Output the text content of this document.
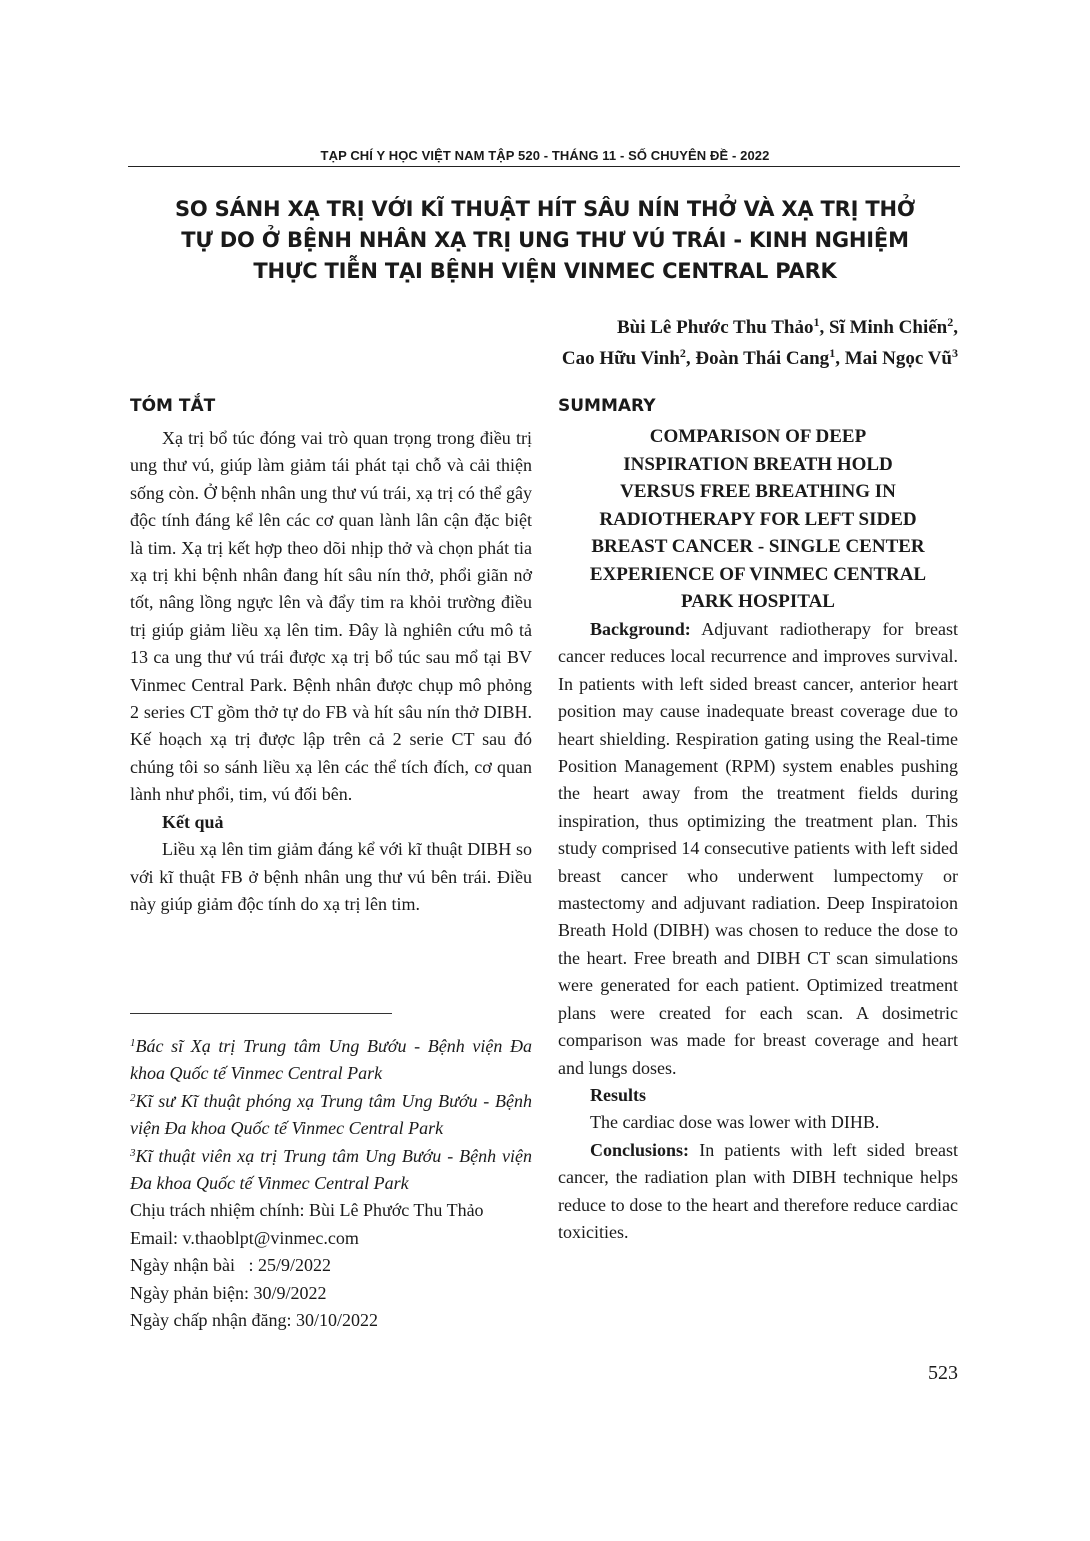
TẠP CHÍ Y HỌC VIỆT NAM TẬP 520 - THÁNG 11 - SỐ CHUYÊN ĐỀ - 2022
SO SÁNH XẠ TRỊ VỚI KĨ THUẬT HÍT SÂU NÍN THỞ VÀ XẠ TRỊ THỞ
TỰ DO Ở BỆNH NHÂN XẠ TRỊ UNG THƯ VÚ TRÁI - KINH NGHIỆM
THỰC TIỄN TẠI BỆNH VIỆN VINMEC CENTRAL PARK
Bùi Lê Phước Thu Thảo$^1$, Sĩ Minh Chiến$^2$,
Cao Hữu Vinh$^2$, Đoàn Thái Cang$^1$, Mai Ngọc $Vũ^3$
TÓM TẮT

Xạ trị bổ túc đóng vai trò quan trọng trong điều trị ung thư vú, giúp làm giảm tái phát tại chỗ và cải thiện sống còn. Ở bệnh nhân ung thư vú trái, xạ trị có thể gây độc tính đáng kể lên các cơ quan lành lân cận đặc biệt là tim. Xạ trị kết hợp theo dõi nhịp thở và chọn phát tia xạ trị khi bệnh nhân đang hít sâu nín thở, phổi giãn nở tốt, nâng lồng ngực lên và đẩy tim ra khỏi trường điều trị giúp giảm liều xạ lên tim. Đây là nghiên cứu mô tả 13 ca ung thư vú trái được xạ trị bổ túc sau mổ tại BV Vinmec Central Park. Bệnh nhân được chụp mô phỏng 2 series CT gồm thở tự do FB và hít sâu nín thở DIBH. Kế hoạch xạ trị được lập trên cả 2 serie CT sau đó chúng tôi so sánh liều xạ lên các thể tích đích, cơ quan lành như phổi, tim, vú đối bên.

Kết quả

Liều xạ lên tim giảm đáng kể với kĩ thuật DIBH so với kĩ thuật FB ở bệnh nhân ung thư vú bên trái. Điều này giúp giảm độc tính do xạ trị lên tim.

$^1$Bác sĩ Xạ trị Trung tâm Ung Bướu - Bệnh viện Đa khoa Quốc tế Vinmec Central Park

$^2$Kĩ sư Kĩ thuật phóng xạ Trung tâm Ung Bướu - Bệnh viện Đa khoa Quốc tế Vinmec Central Park

$^3$Kĩ thuật viên xạ trị Trung tâm Ung Bướu - Bệnh viện Đa khoa Quốc tế Vinmec Central Park

Chịu trách nhiệm chính: Bùi Lê Phước Thu Thảo

Email: v.thaoblpt@vinmec.com

Ngày nhận bài   : 25/9/2022

Ngày phản biện: 30/9/2022

Ngày chấp nhận đăng: 30/10/2022

SUMMARY
COMPARISON OF DEEP
INSPIRATION BREATH HOLD
VERSUS FREE BREATHING IN
RADIOTHERAPY FOR LEFT SIDED
BREAST CANCER - SINGLE CENTER
EXPERIENCE OF VINMEC CENTRAL
PARK HOSPITAL

Background: Adjuvant radiotherapy for breast cancer reduces local recurrence and improves survival. In patients with left sided breast cancer, anterior heart position may cause inadequate breast coverage due to heart shielding. Respiration gating using the Real-time Position Management (RPM) system enables pushing the heart away from the treatment fields during inspiration, thus optimizing the treatment plan. This study comprised 14 consecutive patients with left sided breast cancer who underwent lumpectomy or mastectomy and adjuvant radiation. Deep Inspiratoion Breath Hold (DIBH) was chosen to reduce the dose to the heart. Free breath and DIBH CT scan simulations were generated for each patient. Optimized treatment plans were created for each scan. A dosimetric comparison was made for breast coverage and heart and lungs doses.

Results

The cardiac dose was lower with DIHB.

Conclusions: In patients with left sided breast cancer, the radiation plan with DIBH technique helps reduce to dose to the heart and therefore reduce cardiac toxicities.

523
